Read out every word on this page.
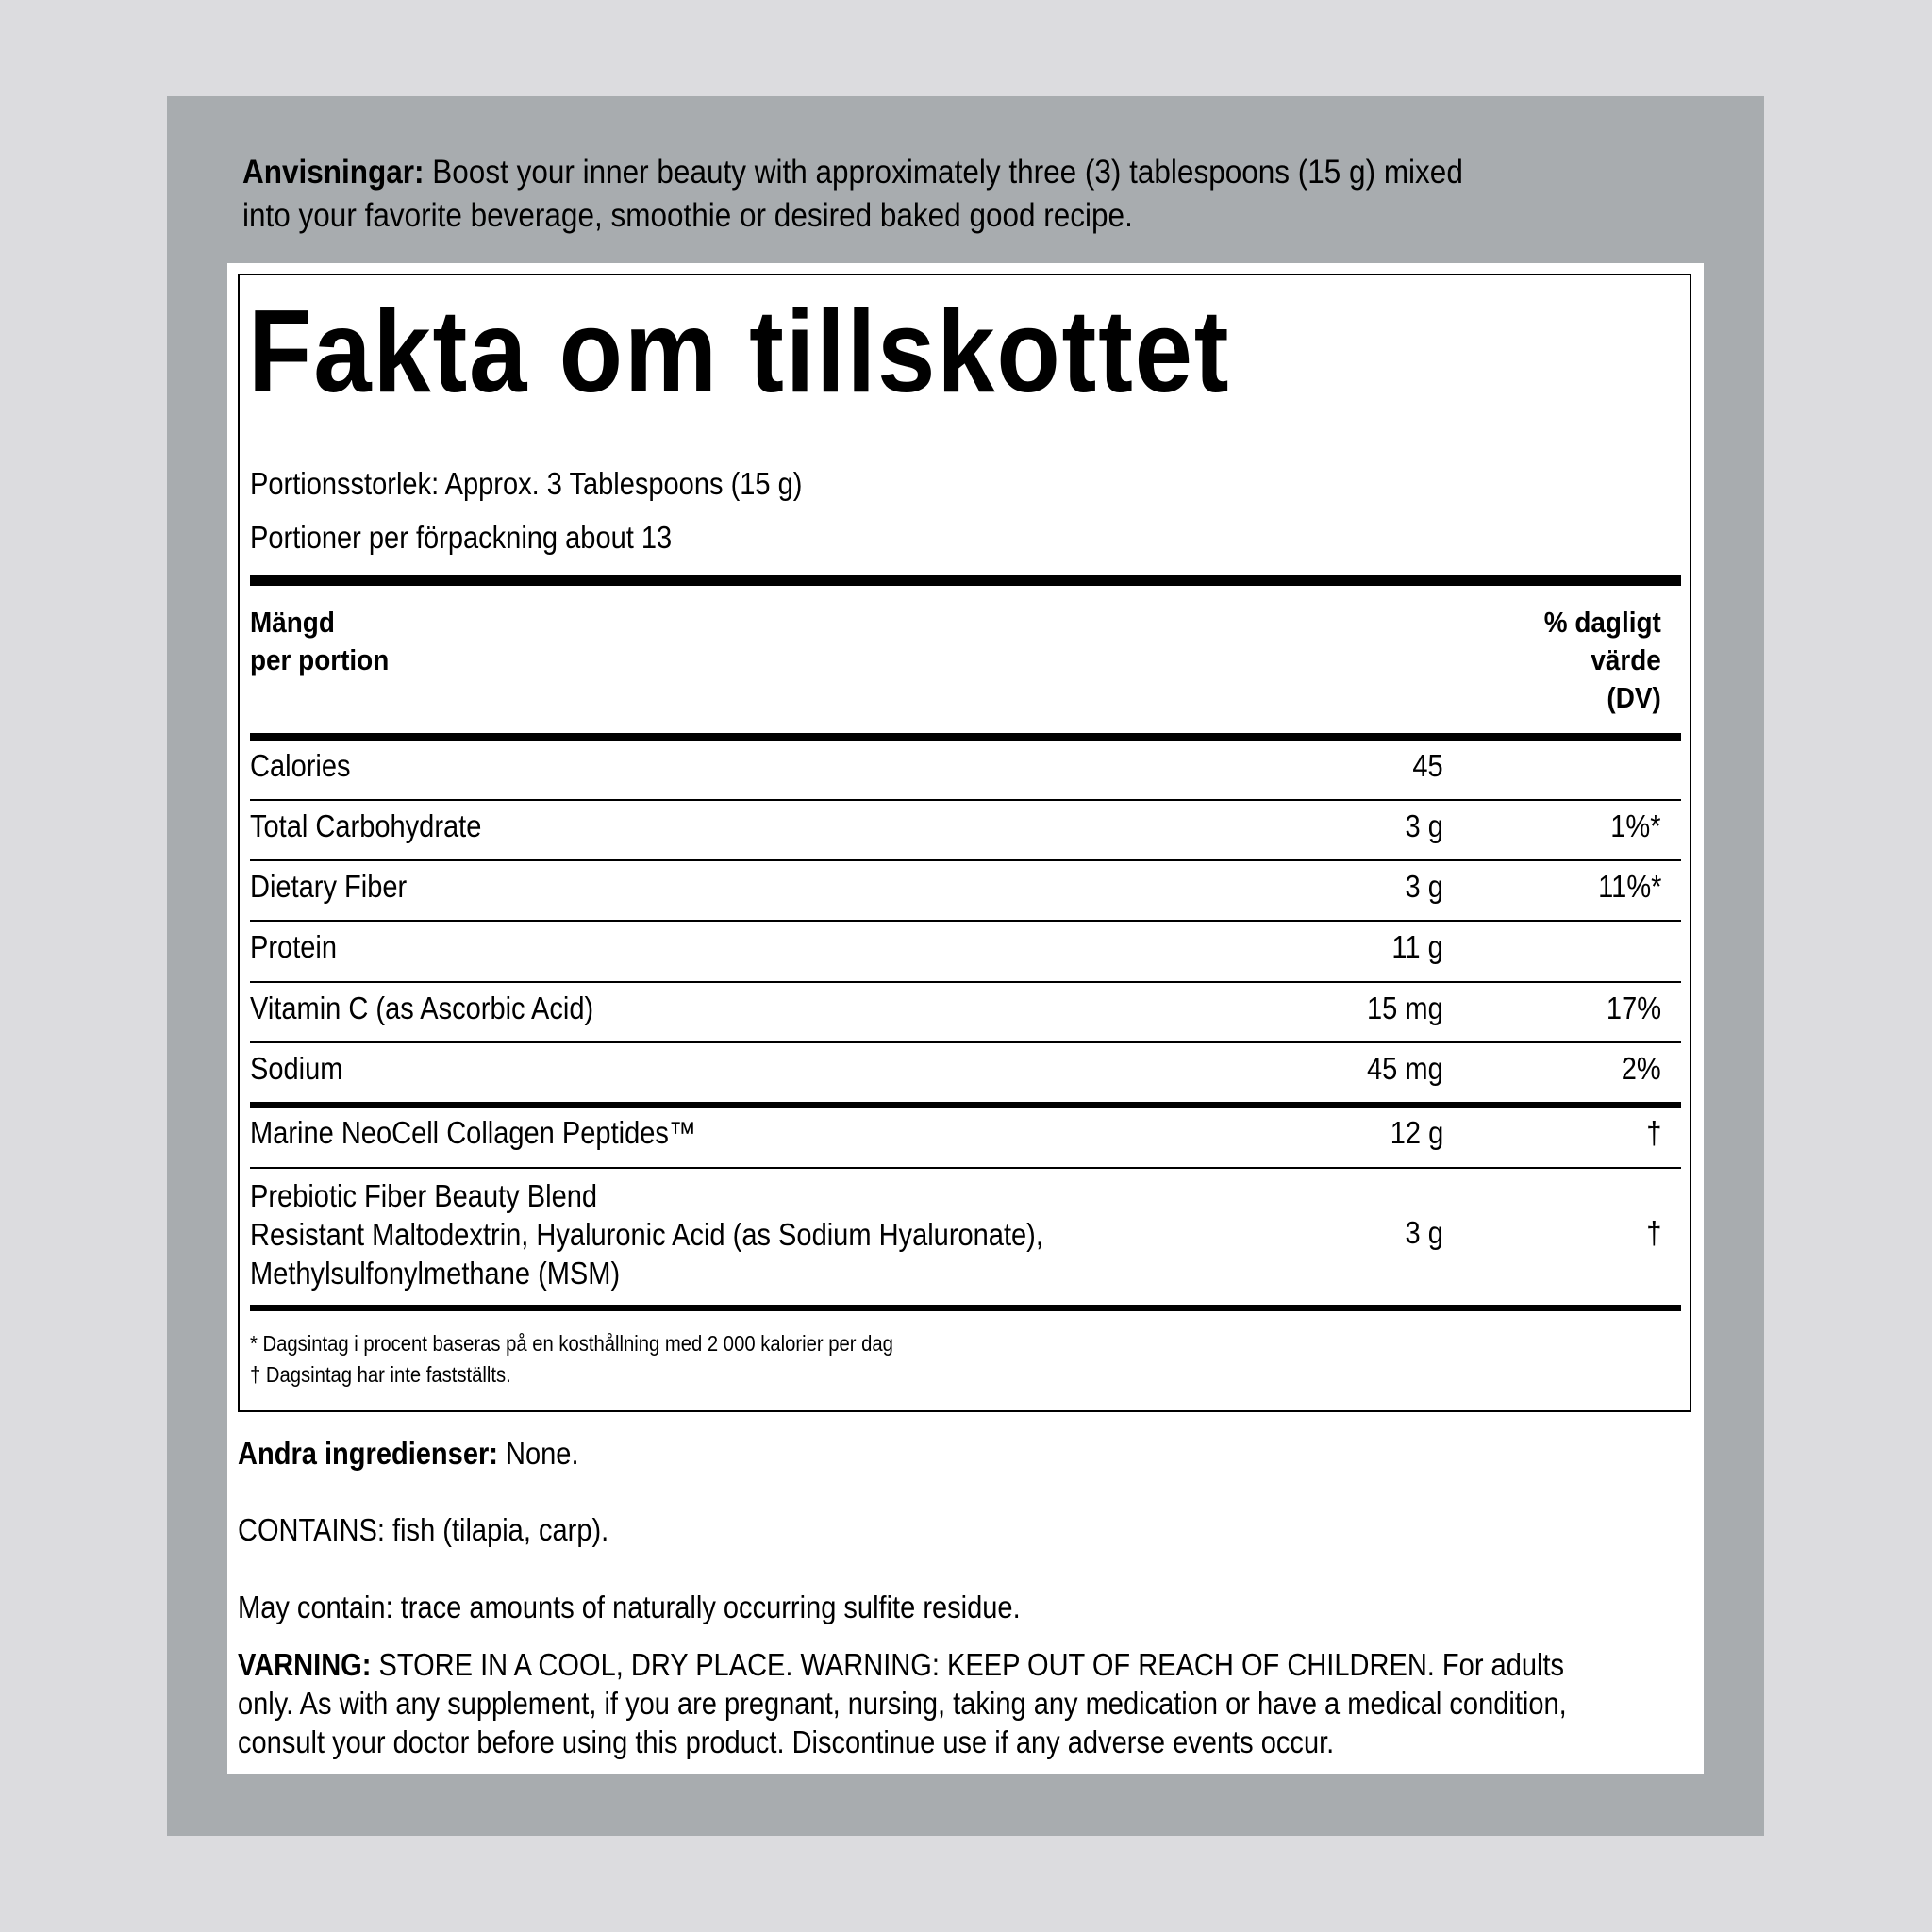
Anvisningar: Boost your inner beauty with approximately three (3) tablespoons (15 g) mixed into your favorite beverage, smoothie or desired baked good recipe.
Fakta om tillskottet
Portionsstorlek: Approx. 3 Tablespoons (15 g)
Portioner per förpackning about 13
Mängd
per portion
% dagligt
värde
(DV)
Calories	45
Total Carbohydrate	3 g	1%*
Dietary Fiber	3 g	11%*
Protein	11 g
Vitamin C (as Ascorbic Acid)	15 mg	17%
Sodium	45 mg	2%
Marine NeoCell Collagen Peptides™	12 g	†
Prebiotic Fiber Beauty Blend
Resistant Maltodextrin, Hyaluronic Acid (as Sodium Hyaluronate),
Methylsulfonylmethane (MSM)
3 g	†
* Dagsintag i procent baseras på en kosthållning med 2 000 kalorier per dag
† Dagsintag har inte fastställts.
Andra ingredienser: None.
CONTAINS: fish (tilapia, carp).
May contain: trace amounts of naturally occurring sulfite residue.
VARNING: STORE IN A COOL, DRY PLACE. WARNING: KEEP OUT OF REACH OF CHILDREN. For adults only. As with any supplement, if you are pregnant, nursing, taking any medication or have a medical condition, consult your doctor before using this product. Discontinue use if any adverse events occur.
